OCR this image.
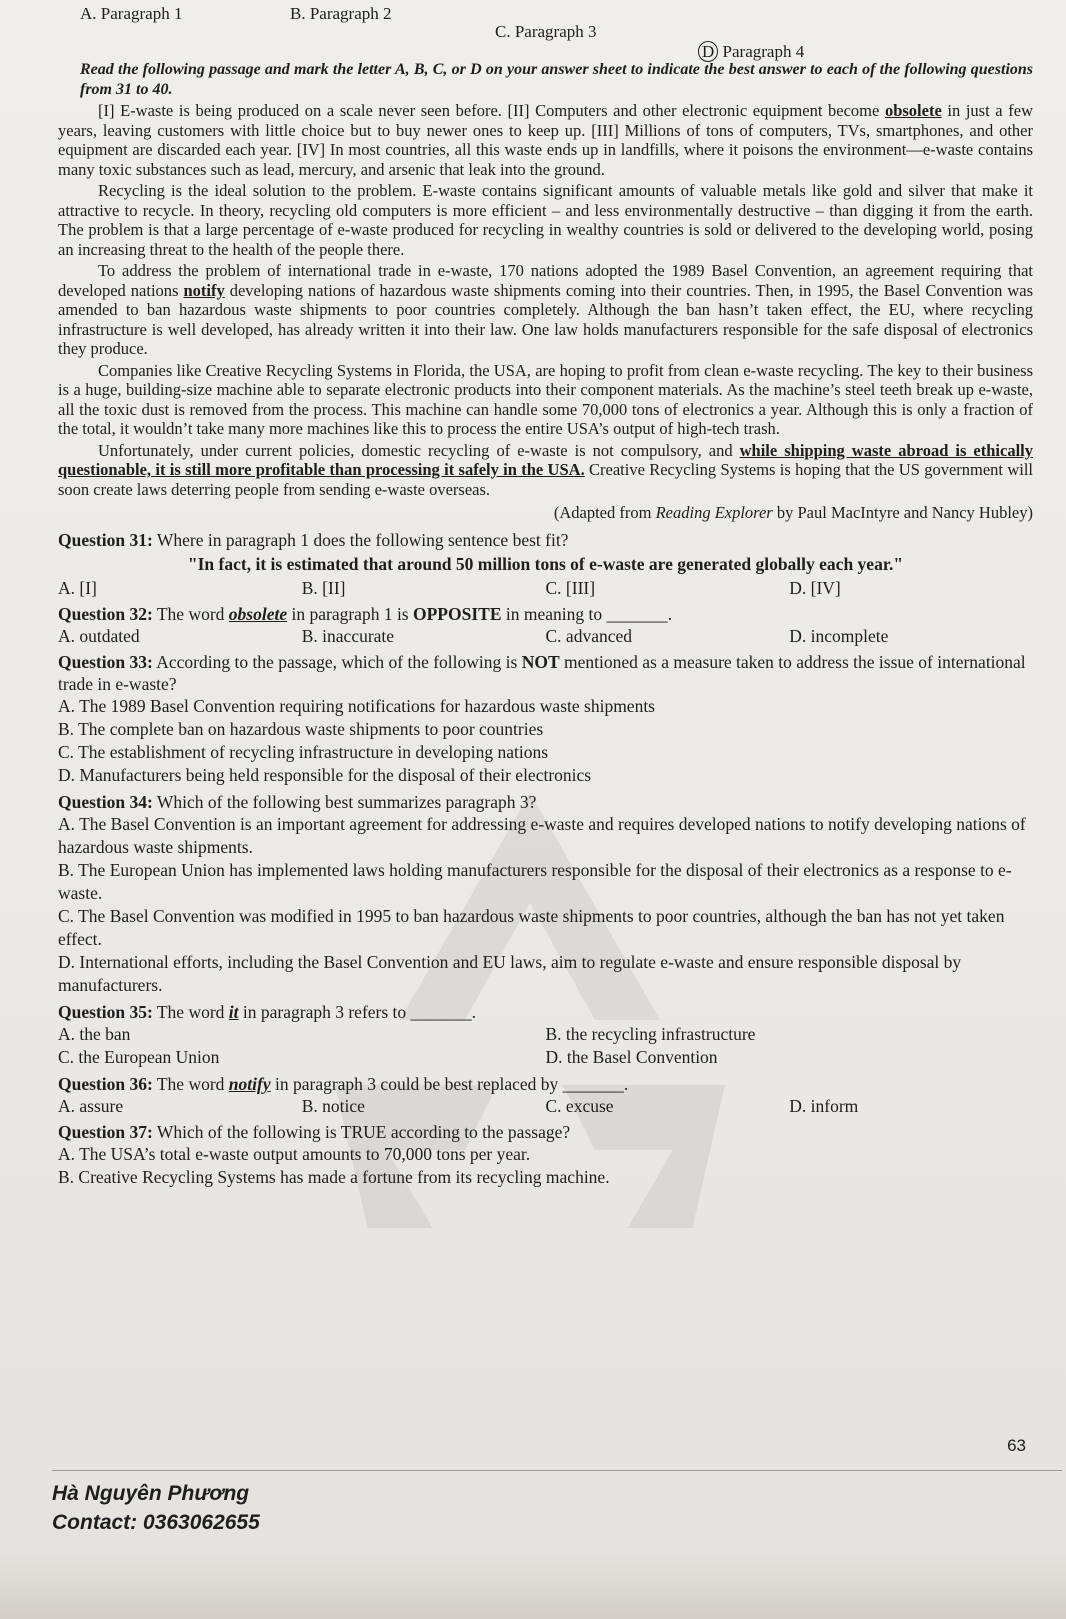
A. Paragraph 1	B. Paragraph 2
C. Paragraph 3
D Paragraph 4

Read the following passage and mark the letter A, B, C, or D on your answer sheet to indicate the best answer to each of the following questions from 31 to 40.

[I] E-waste is being produced on a scale never seen before. [II] Computers and other electronic equipment become obsolete in just a few years, leaving customers with little choice but to buy newer ones to keep up. [III] Millions of tons of computers, TVs, smartphones, and other equipment are discarded each year. [IV] In most countries, all this waste ends up in landfills, where it poisons the environment—e-waste contains many toxic substances such as lead, mercury, and arsenic that leak into the ground.

Recycling is the ideal solution to the problem. E-waste contains significant amounts of valuable metals like gold and silver that make it attractive to recycle. In theory, recycling old computers is more efficient – and less environmentally destructive – than digging it from the earth. The problem is that a large percentage of e-waste produced for recycling in wealthy countries is sold or delivered to the developing world, posing an increasing threat to the health of the people there.

To address the problem of international trade in e-waste, 170 nations adopted the 1989 Basel Convention, an agreement requiring that developed nations notify developing nations of hazardous waste shipments coming into their countries. Then, in 1995, the Basel Convention was amended to ban hazardous waste shipments to poor countries completely. Although the ban hasn’t taken effect, the EU, where recycling infrastructure is well developed, has already written it into their law. One law holds manufacturers responsible for the safe disposal of electronics they produce.

Companies like Creative Recycling Systems in Florida, the USA, are hoping to profit from clean e-waste recycling. The key to their business is a huge, building-size machine able to separate electronic products into their component materials. As the machine’s steel teeth break up e-waste, all the toxic dust is removed from the process. This machine can handle some 70,000 tons of electronics a year. Although this is only a fraction of the total, it wouldn’t take many more machines like this to process the entire USA’s output of high-tech trash.

Unfortunately, under current policies, domestic recycling of e-waste is not compulsory, and while shipping waste abroad is ethically questionable, it is still more profitable than processing it safely in the USA. Creative Recycling Systems is hoping that the US government will soon create laws deterring people from sending e-waste overseas.

(Adapted from Reading Explorer by Paul MacIntyre and Nancy Hubley)
Question 31: Where in paragraph 1 does the following sentence best fit?
"In fact, it is estimated that around 50 million tons of e-waste are generated globally each year."
A. [I]	B. [II]	C. [III]	D. [IV]
Question 32: The word obsolete in paragraph 1 is OPPOSITE in meaning to _______.
A. outdated	B. inaccurate	C. advanced	D. incomplete
Question 33: According to the passage, which of the following is NOT mentioned as a measure taken to address the issue of international trade in e-waste?
A. The 1989 Basel Convention requiring notifications for hazardous waste shipments
B. The complete ban on hazardous waste shipments to poor countries
C. The establishment of recycling infrastructure in developing nations
D. Manufacturers being held responsible for the disposal of their electronics
Question 34: Which of the following best summarizes paragraph 3?
A. The Basel Convention is an important agreement for addressing e-waste and requires developed nations to notify developing nations of hazardous waste shipments.
B. The European Union has implemented laws holding manufacturers responsible for the disposal of their electronics as a response to e-waste.
C. The Basel Convention was modified in 1995 to ban hazardous waste shipments to poor countries, although the ban has not yet taken effect.
D. International efforts, including the Basel Convention and EU laws, aim to regulate e-waste and ensure responsible disposal by manufacturers.
Question 35: The word it in paragraph 3 refers to _______.
A. the ban	B. the recycling infrastructure
C. the European Union	D. the Basel Convention
Question 36: The word notify in paragraph 3 could be best replaced by _______.
A. assure	B. notice	C. excuse	D. inform
Question 37: Which of the following is TRUE according to the passage?
A. The USA’s total e-waste output amounts to 70,000 tons per year.
B. Creative Recycling Systems has made a fortune from its recycling machine.
63
Hà Nguyên Phương
Contact: 0363062655
